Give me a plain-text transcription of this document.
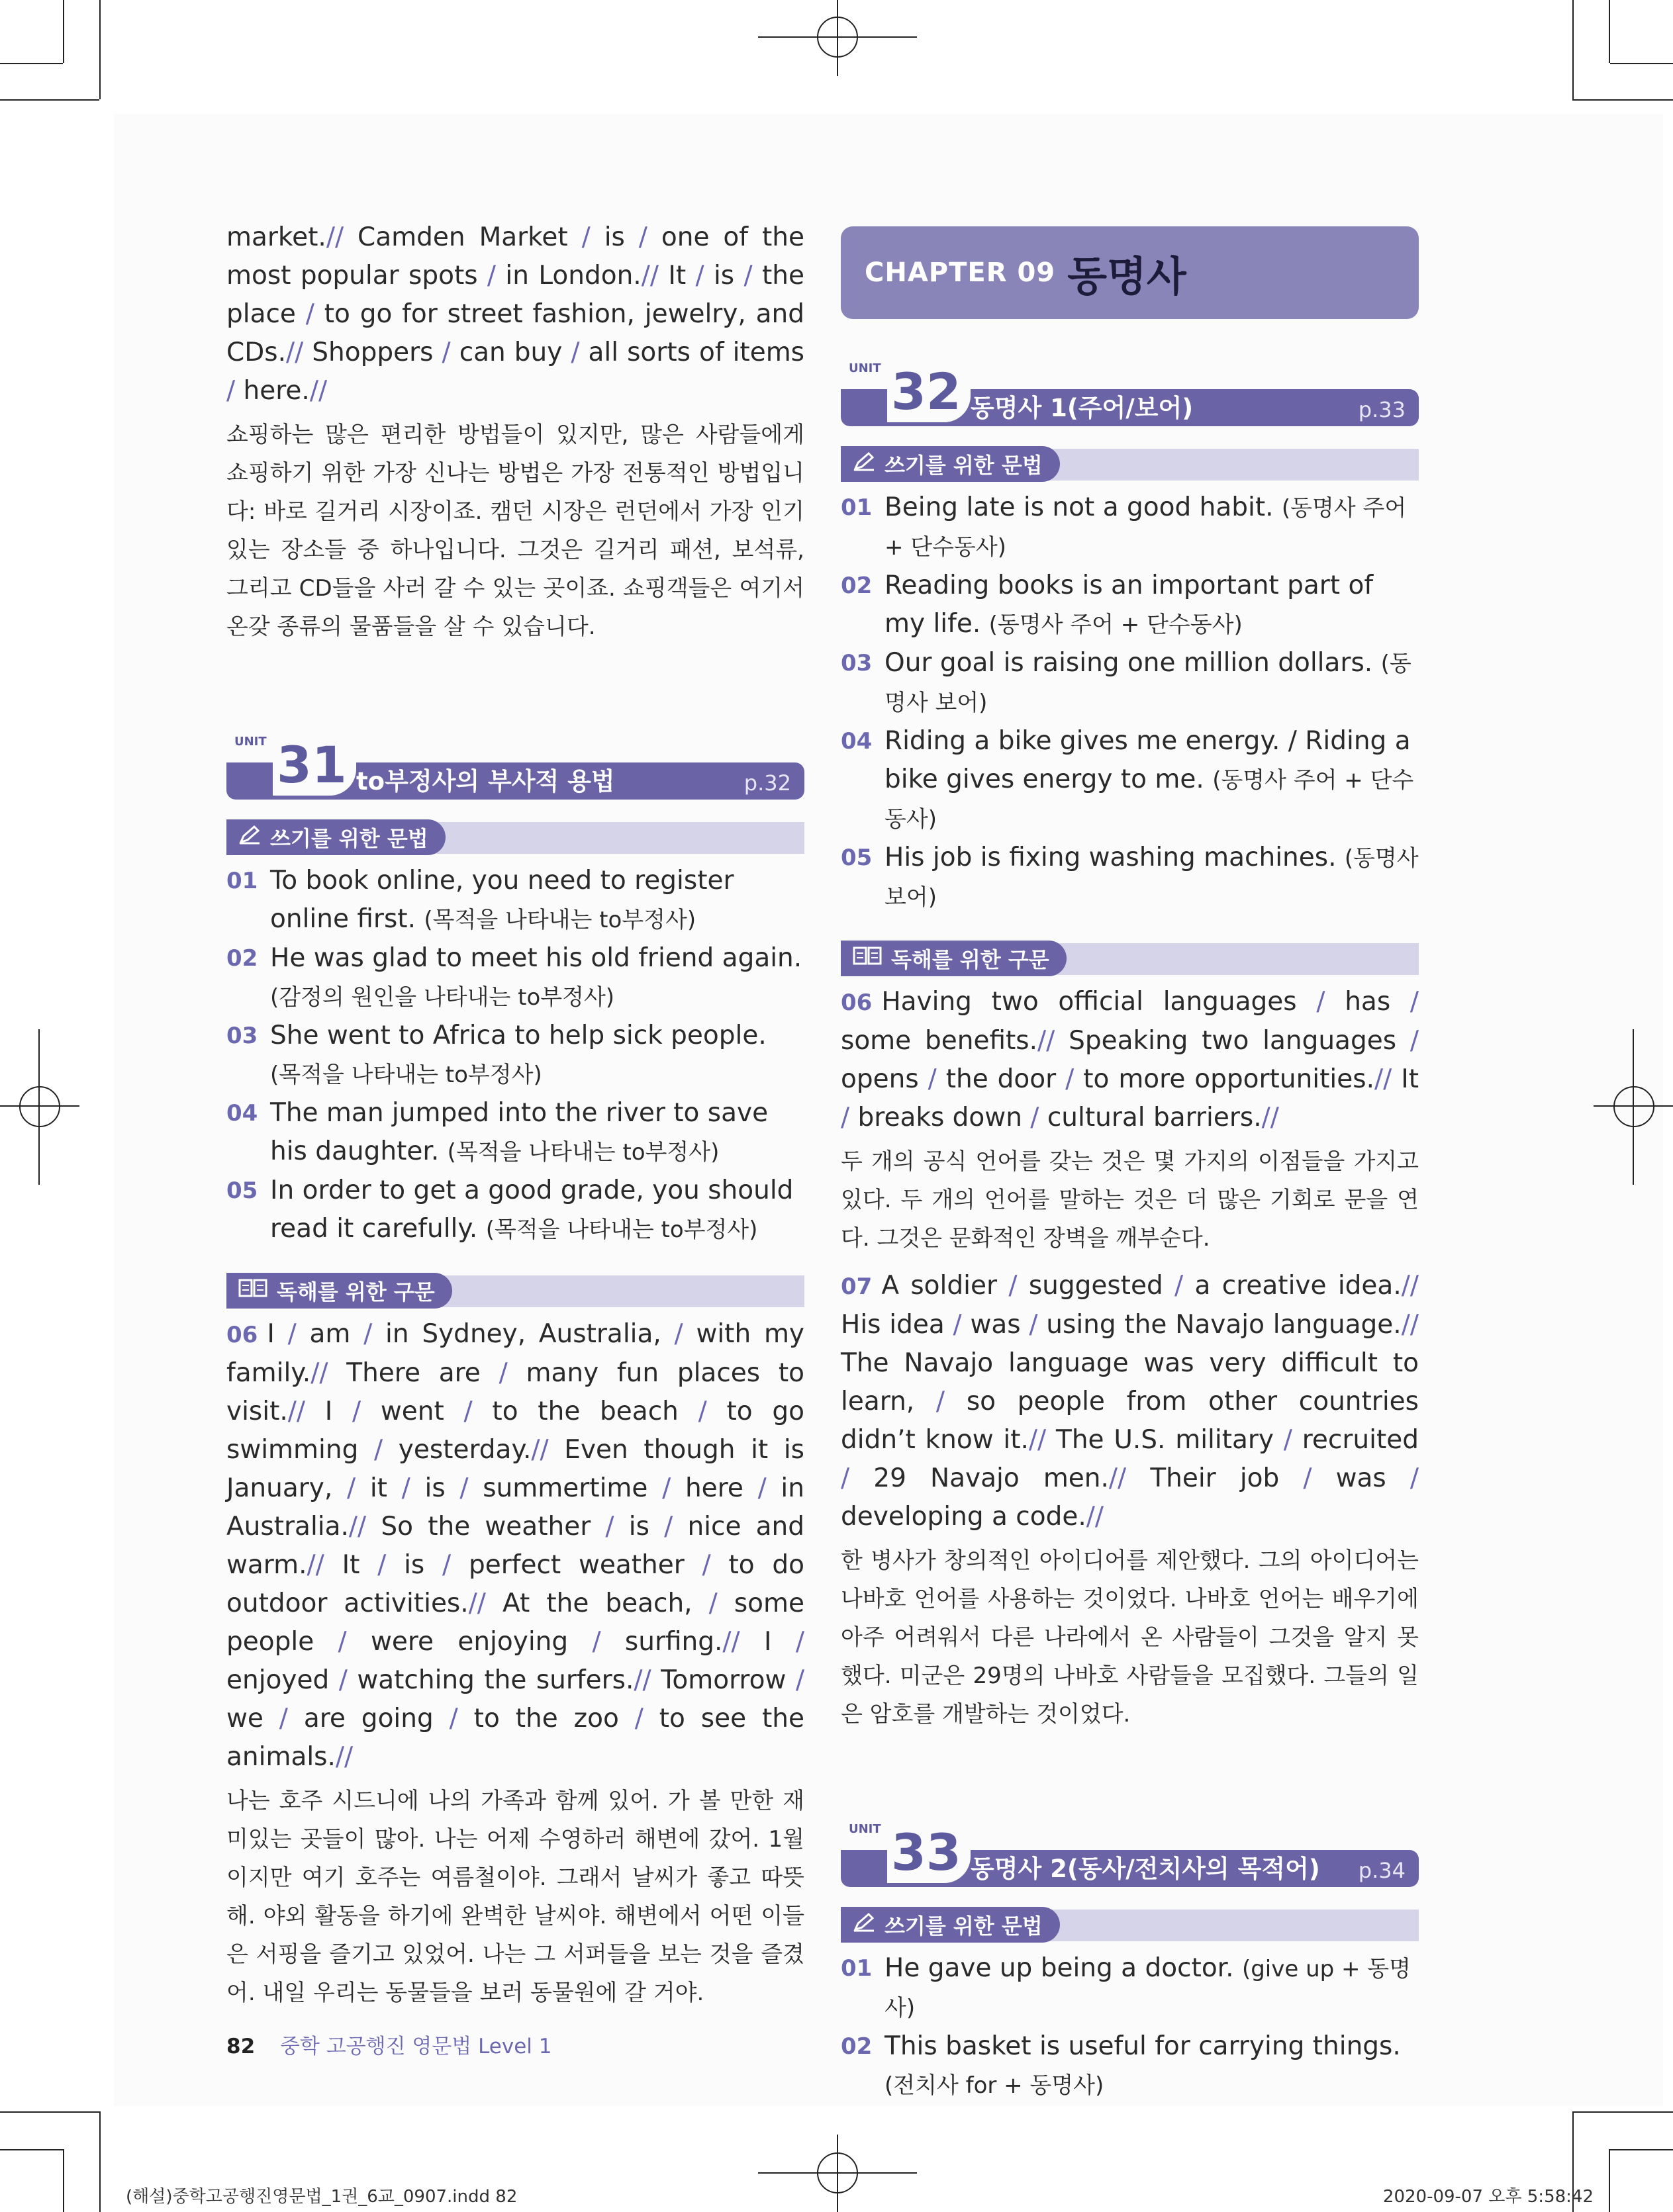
market.// Camden Market / is / one of the most popular spots / in London.// It / is / the place / to go for street fashion, jewelry, and CDs.// Shoppers / can buy / all sorts of items / here.//

쇼핑하는 많은 편리한 방법들이 있지만, 많은 사람들에게 쇼핑하기 위한 가장 신나는 방법은 가장 전통적인 방법입니다: 바로 길거리 시장이죠. 캠던 시장은 런던에서 가장 인기 있는 장소들 중 하나입니다. 그것은 길거리 패션, 보석류, 그리고 CD들을 사러 갈 수 있는 곳이죠. 쇼핑객들은 여기서 온갖 종류의 물품들을 살 수 있습니다.

UNIT 31 to부정사의 부사적 용법	p.32
쓰기를 위한 문법
01 To book online, you need to register online first. (목적을 나타내는 to부정사)
02 He was glad to meet his old friend again. (감정의 원인을 나타내는 to부정사)
03 She went to Africa to help sick people. (목적을 나타내는 to부정사)
04 The man jumped into the river to save his daughter. (목적을 나타내는 to부정사)
05 In order to get a good grade, you should read it carefully. (목적을 나타내는 to부정사)
독해를 위한 구문

06 I / am / in Sydney, Australia, / with my family.// There are / many fun places to visit.// I / went / to the beach / to go swimming / yesterday.// Even though it is January, / it / is / summertime / here / in Australia.// So the weather / is / nice and warm.// It / is / perfect weather / to do outdoor activities.// At the beach, / some people / were enjoying / surfing.// I / enjoyed / watching the surfers.// Tomorrow / we / are going / to the zoo / to see the animals.//

나는 호주 시드니에 나의 가족과 함께 있어. 가 볼 만한 재미있는 곳들이 많아. 나는 어제 수영하러 해변에 갔어. 1월이지만 여기 호주는 여름철이야. 그래서 날씨가 좋고 따뜻해. 야외 활동을 하기에 완벽한 날씨야. 해변에서 어떤 이들은 서핑을 즐기고 있었어. 나는 그 서퍼들을 보는 것을 즐겼어. 내일 우리는 동물들을 보러 동물원에 갈 거야.

CHAPTER 09 동명사
UNIT 32 동명사 1(주어/보어)	p.33
쓰기를 위한 문법
01 Being late is not a good habit. (동명사 주어 + 단수동사)
02 Reading books is an important part of my life. (동명사 주어 + 단수동사)
03 Our goal is raising one million dollars. (동명사 보어)
04 Riding a bike gives me energy. / Riding a bike gives energy to me. (동명사 주어 + 단수동사)
05 His job is fixing washing machines. (동명사 보어)
독해를 위한 구문

06 Having two official languages / has / some benefits.// Speaking two languages / opens / the door / to more opportunities.// It / breaks down / cultural barriers.//

두 개의 공식 언어를 갖는 것은 몇 가지의 이점들을 가지고 있다. 두 개의 언어를 말하는 것은 더 많은 기회로 문을 연다. 그것은 문화적인 장벽을 깨부순다.

07 A soldier / suggested / a creative idea.// His idea / was / using the Navajo language.// The Navajo language was very difficult to learn, / so people from other countries didn’t know it.// The U.S. military / recruited / 29 Navajo men.// Their job / was / developing a code.//

한 병사가 창의적인 아이디어를 제안했다. 그의 아이디어는 나바호 언어를 사용하는 것이었다. 나바호 언어는 배우기에 아주 어려워서 다른 나라에서 온 사람들이 그것을 알지 못했다. 미군은 29명의 나바호 사람들을 모집했다. 그들의 일은 암호를 개발하는 것이었다.

UNIT 33 동명사 2(동사/전치사의 목적어) p.34
쓰기를 위한 문법
01 He gave up being a doctor. (give up + 동명사)
02 This basket is useful for carrying things. (전치사 for + 동명사)
82 중학 고공행진 영문법 Level 1
(해설)중학고공행진영문법_1권_6교_0907.indd 82	2020-09-07 오후 5:58:42
